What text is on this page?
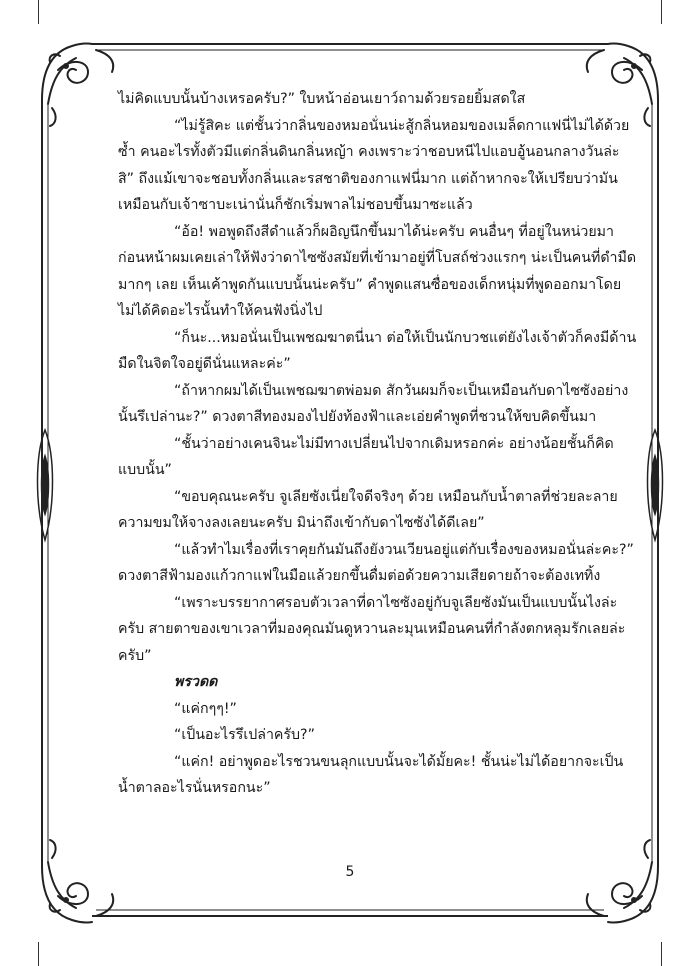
ไม่คิดแบบนั้นบ้างเหรอครับ?” ใบหน้าอ่อนเยาว์ถามด้วยรอยยิ้มสดใส

“ไม่รู้สิคะ แต่ชั้นว่ากลิ่นของหมอนั่นน่ะสู้กลิ่นหอมของเมล็ดกาแฟนี่ไม่ได้ด้วย

ซ้ำ คนอะไรทั้งตัวมีแต่กลิ่นดินกลิ่นหญ้า คงเพราะว่าชอบหนีไปแอบอู้นอนกลางวันล่ะ

สิ” ถึงแม้เขาจะชอบทั้งกลิ่นและรสชาติของกาแฟนี่มาก แต่ถ้าหากจะให้เปรียบว่ามัน

เหมือนกับเจ้าซาบะเน่านั่นก็ชักเริ่มพาลไม่ชอบขึ้นมาซะแล้ว

“อ้อ! พอพูดถึงสีดำแล้วก็ผอิญนึกขึ้นมาได้น่ะครับ คนอื่นๆ ที่อยู่ในหน่วยมา

ก่อนหน้าผมเคยเล่าให้ฟังว่าดาไซซังสมัยที่เข้ามาอยู่ที่โบสถ์ช่วงแรกๆ น่ะเป็นคนที่ดำมืด

มากๆ เลย เห็นเค้าพูดกันแบบนั้นน่ะครับ” คำพูดแสนซื่อของเด็กหนุ่มที่พูดออกมาโดย

ไม่ได้คิดอะไรนั้นทำให้คนฟังนิ่งไป

“ก็นะ...หมอนั่นเป็นเพชฌฆาตนี่นา ต่อให้เป็นนักบวชแต่ยังไงเจ้าตัวก็คงมีด้าน

มืดในจิตใจอยู่ดีนั่นแหละค่ะ”

“ถ้าหากผมได้เป็นเพชฌฆาตพ่อมด สักวันผมก็จะเป็นเหมือนกับดาไซซังอย่าง

นั้นรึเปล่านะ?” ดวงตาสีทองมองไปยังท้องฟ้าและเอ่ยคำพูดที่ชวนให้ขบคิดขึ้นมา

“ชั้นว่าอย่างเคนจินะไม่มีทางเปลี่ยนไปจากเดิมหรอกค่ะ อย่างน้อยชั้นก็คิด

แบบนั้น”

“ขอบคุณนะครับ จูเลียซังเนี่ยใจดีจริงๆ ด้วย เหมือนกับน้ำตาลที่ช่วยละลาย

ความขมให้จางลงเลยนะครับ มิน่าถึงเข้ากับดาไซซังได้ดีเลย”

“แล้วทำไมเรื่องที่เราคุยกันมันถึงยังวนเวียนอยู่แต่กับเรื่องของหมอนั่นล่ะคะ?”

ดวงตาสีฟ้ามองแก้วกาแฟในมือแล้วยกขึ้นดื่มต่อด้วยความเสียดายถ้าจะต้องเททิ้ง

“เพราะบรรยากาศรอบตัวเวลาที่ดาไซซังอยู่กับจูเลียซังมันเป็นแบบนั้นไงล่ะ

ครับ สายตาของเขาเวลาที่มองคุณมันดูหวานละมุนเหมือนคนที่กำลังตกหลุมรักเลยล่ะ

ครับ”

พรวดด

“แค่กๆๆ!”

“เป็นอะไรรึเปล่าครับ?”

“แค่ก! อย่าพูดอะไรชวนขนลุกแบบนั้นจะได้มั้ยคะ! ชั้นน่ะไม่ได้อยากจะเป็น

น้ำตาลอะไรนั่นหรอกนะ”

5
